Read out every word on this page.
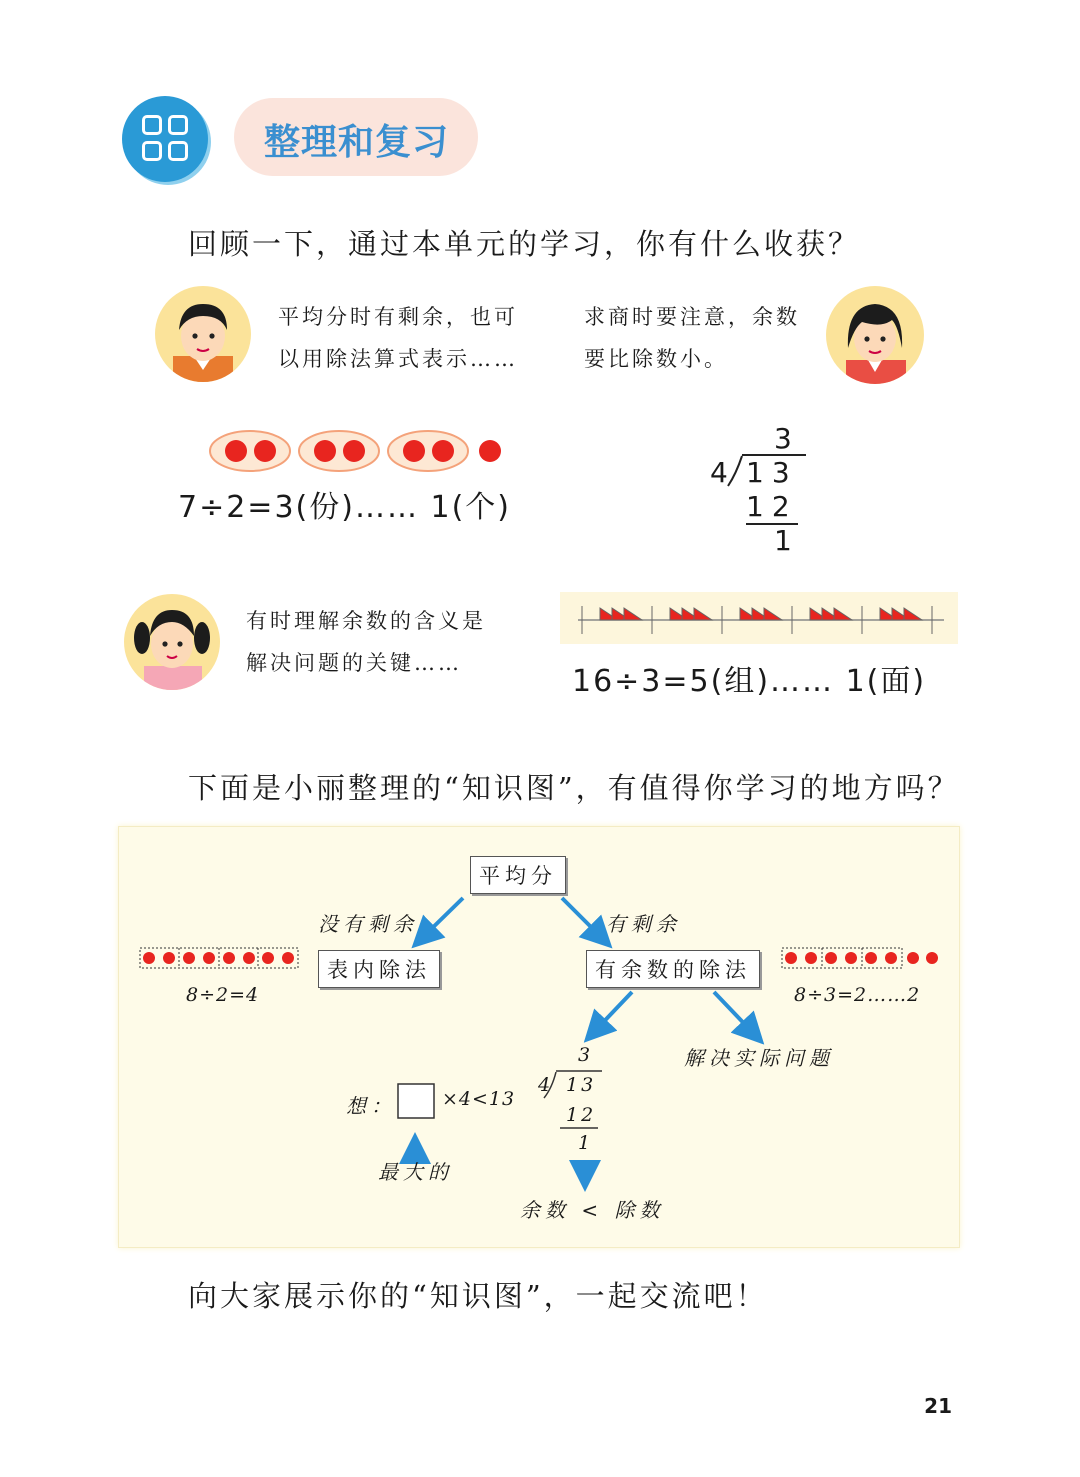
整理和复习
回顾一下，通过本单元的学习，你有什么收获？
平均分时有剩余，也可
以用除法算式表示……
求商时要注意，余数
要比除数小。
7÷2=3(份)…… 1(个)
3
4 13
12
1
有时理解余数的含义是
解决问题的关键……
16÷3=5(组)…… 1(面)
下面是小丽整理的“知识图”，有值得你学习的地方吗？
平均分
没有剩余	有剩余
表内除法	有余数的除法
8÷2=4	8÷3=2……2
解决实际问题
想： ×4<13
最大的
3
4 13
12
1
余数 < 除数
向大家展示你的“知识图”，一起交流吧！
21
